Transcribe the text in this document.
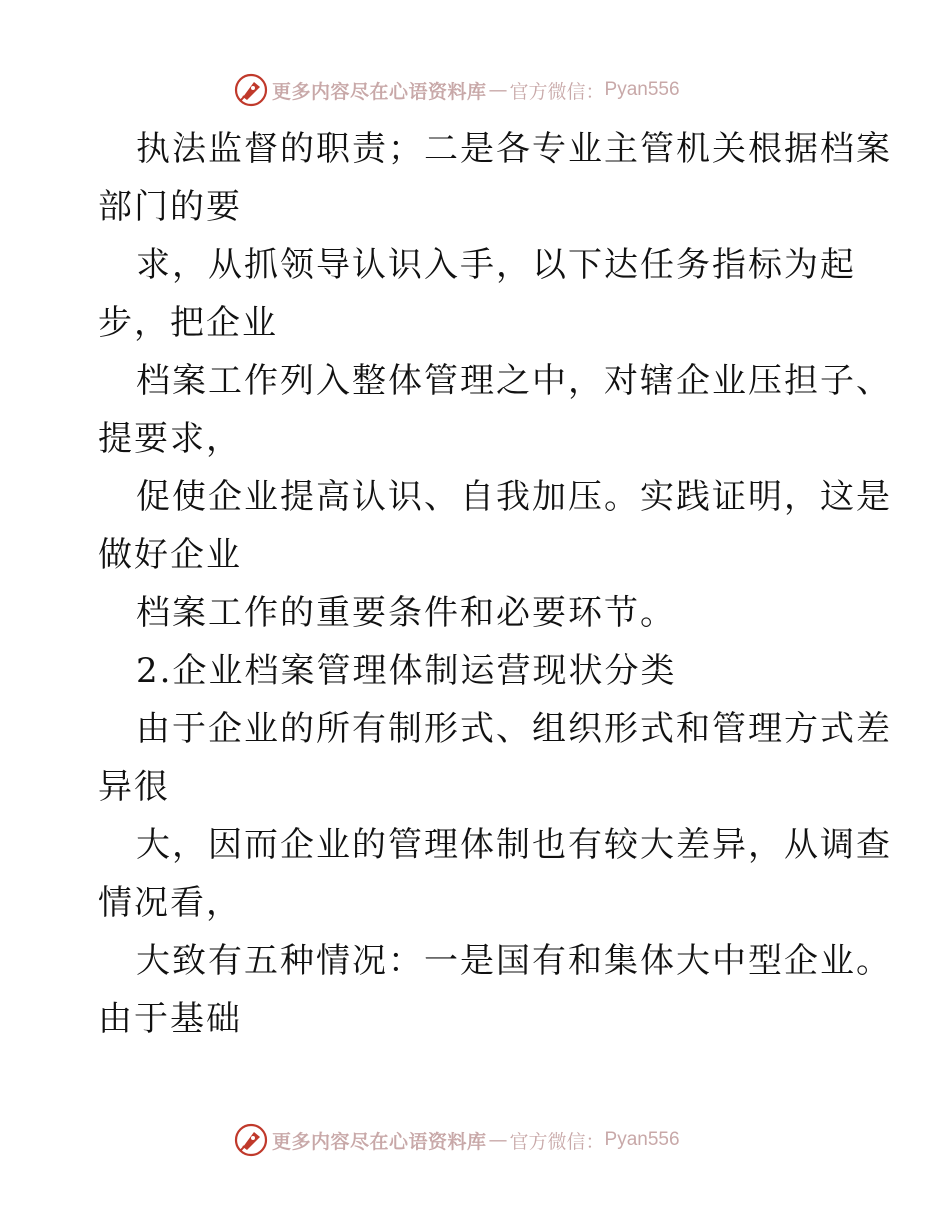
更多内容尽在心语资料库 — 官方微信： Pyan556
执法监督的职责；二是各专业主管机关根据档案
部门的要
求，从抓领导认识入手，以下达任务指标为起
步，把企业
档案工作列入整体管理之中，对辖企业压担子、
提要求，
促使企业提高认识、自我加压。实践证明，这是
做好企业
档案工作的重要条件和必要环节。
2.企业档案管理体制运营现状分类
由于企业的所有制形式、组织形式和管理方式差
异很
大，因而企业的管理体制也有较大差异，从调查
情况看，
大致有五种情况：一是国有和集体大中型企业。
由于基础
更多内容尽在心语资料库 — 官方微信： Pyan556
